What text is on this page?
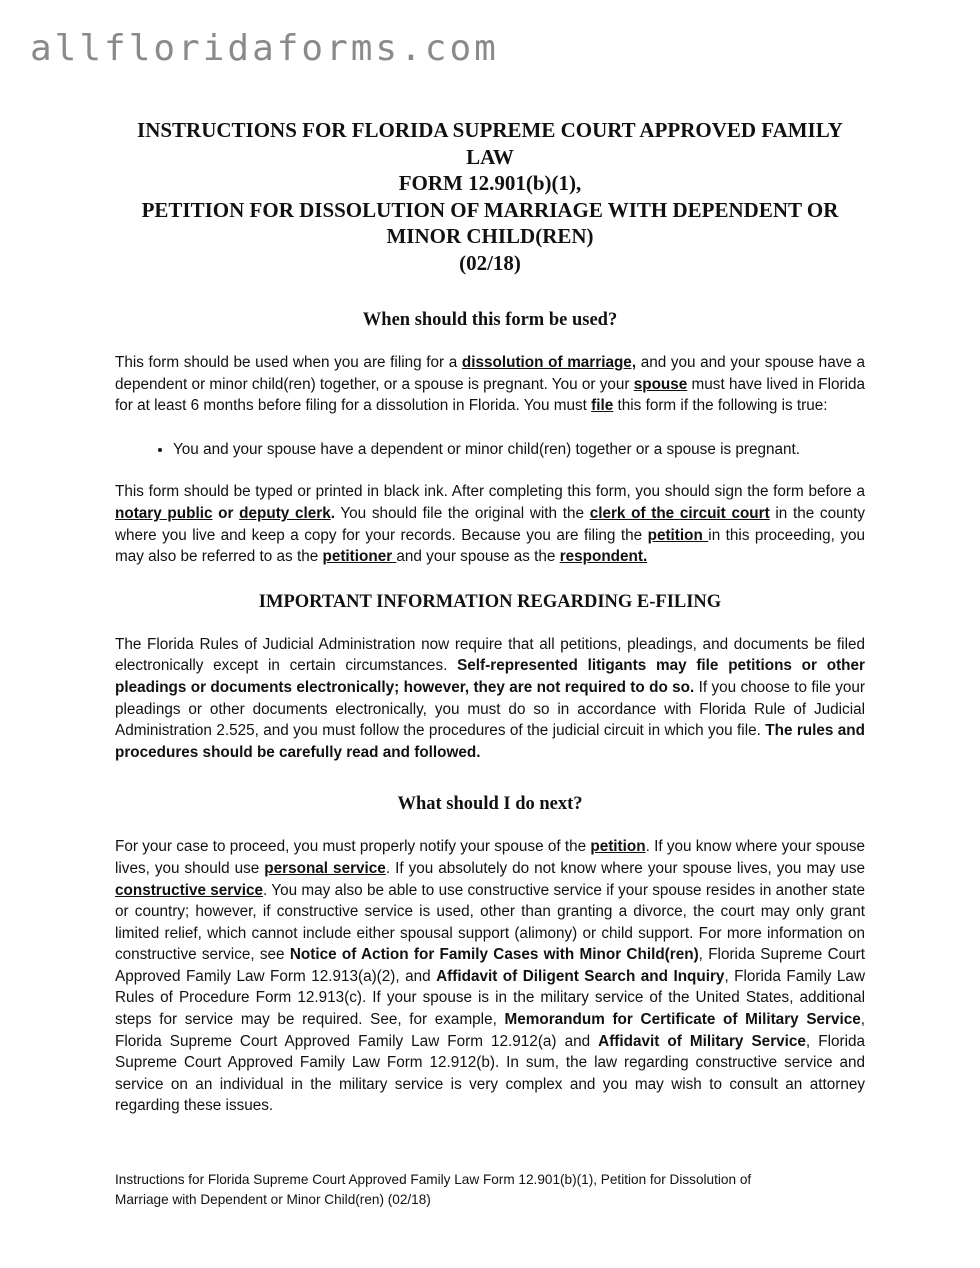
allfloridaforms.com
INSTRUCTIONS FOR FLORIDA SUPREME COURT APPROVED FAMILY LAW
FORM 12.901(b)(1),
PETITION FOR DISSOLUTION OF MARRIAGE WITH DEPENDENT OR
MINOR CHILD(REN)
(02/18)
When should this form be used?

This form should be used when you are filing for a dissolution of marriage, and you and your spouse have a dependent or minor child(ren) together, or a spouse is pregnant. You or your spouse must have lived in Florida for at least 6 months before filing for a dissolution in Florida. You must file this form if the following is true:

• You and your spouse have a dependent or minor child(ren) together or a spouse is pregnant.

This form should be typed or printed in black ink. After completing this form, you should sign the form before a notary public or deputy clerk. You should file the original with the clerk of the circuit court in the county where you live and keep a copy for your records. Because you are filing the petition in this proceeding, you may also be referred to as the petitioner and your spouse as the respondent.

IMPORTANT INFORMATION REGARDING E-FILING

The Florida Rules of Judicial Administration now require that all petitions, pleadings, and documents be filed electronically except in certain circumstances. Self-represented litigants may file petitions or other pleadings or documents electronically; however, they are not required to do so. If you choose to file your pleadings or other documents electronically, you must do so in accordance with Florida Rule of Judicial Administration 2.525, and you must follow the procedures of the judicial circuit in which you file. The rules and procedures should be carefully read and followed.

What should I do next?

For your case to proceed, you must properly notify your spouse of the petition. If you know where your spouse lives, you should use personal service. If you absolutely do not know where your spouse lives, you may use constructive service. You may also be able to use constructive service if your spouse resides in another state or country; however, if constructive service is used, other than granting a divorce, the court may only grant limited relief, which cannot include either spousal support (alimony) or child support. For more information on constructive service, see Notice of Action for Family Cases with Minor Child(ren), Florida Supreme Court Approved Family Law Form 12.913(a)(2), and Affidavit of Diligent Search and Inquiry, Florida Family Law Rules of Procedure Form 12.913(c). If your spouse is in the military service of the United States, additional steps for service may be required. See, for example, Memorandum for Certificate of Military Service, Florida Supreme Court Approved Family Law Form 12.912(a) and Affidavit of Military Service, Florida Supreme Court Approved Family Law Form 12.912(b). In sum, the law regarding constructive service and service on an individual in the military service is very complex and you may wish to consult an attorney regarding these issues.

Instructions for Florida Supreme Court Approved Family Law Form 12.901(b)(1), Petition for Dissolution of
Marriage with Dependent or Minor Child(ren) (02/18)
